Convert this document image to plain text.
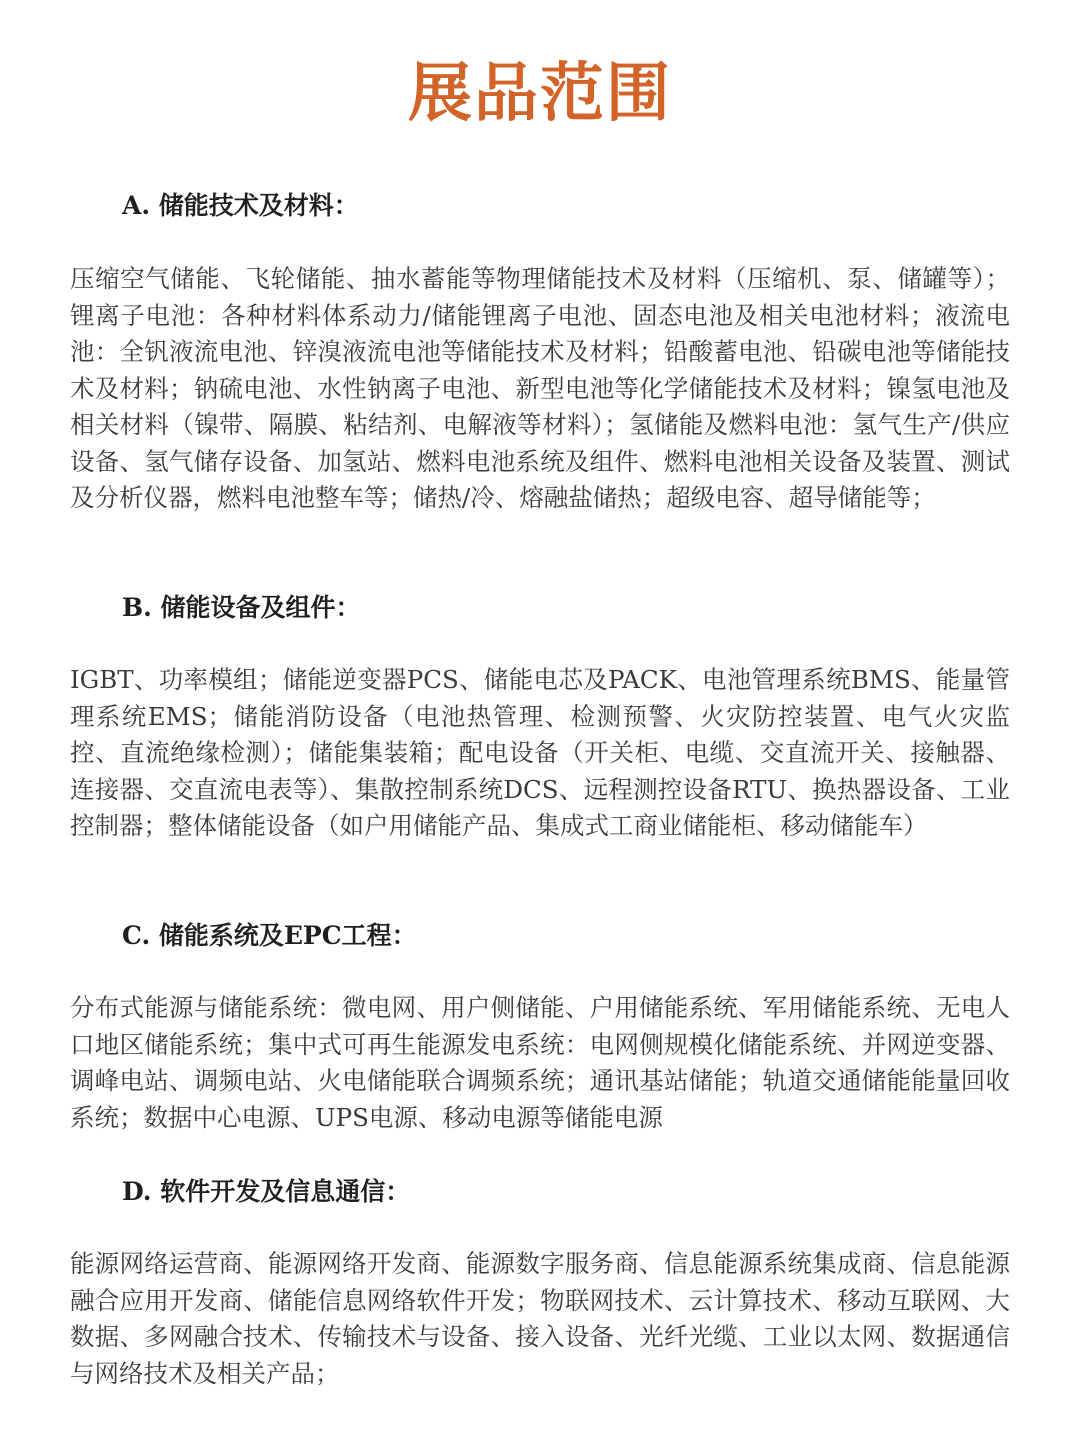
展品范围
A. 储能技术及材料：

压缩空气储能、飞轮储能、抽水蓄能等物理储能技术及材料（压缩机、泵、储罐等）；锂离子电池：各种材料体系动力/储能锂离子电池、固态电池及相关电池材料；液流电池：全钒液流电池、锌溴液流电池等储能技术及材料；铅酸蓄电池、铅碳电池等储能技术及材料；钠硫电池、水性钠离子电池、新型电池等化学储能技术及材料；镍氢电池及相关材料（镍带、隔膜、粘结剂、电解液等材料）；氢储能及燃料电池：氢气生产/供应设备、氢气储存设备、加氢站、燃料电池系统及组件、燃料电池相关设备及装置、测试及分析仪器，燃料电池整车等；储热/冷、熔融盐储热；超级电容、超导储能等；

B. 储能设备及组件：

IGBT、功率模组；储能逆变器PCS、储能电芯及PACK、电池管理系统BMS、能量管理系统EMS；储能消防设备（电池热管理、检测预警、火灾防控装置、电气火灾监控、直流绝缘检测）；储能集装箱；配电设备（开关柜、电缆、交直流开关、接触器、连接器、交直流电表等）、集散控制系统DCS、远程测控设备RTU、换热器设备、工业控制器；整体储能设备（如户用储能产品、集成式工商业储能柜、移动储能车）

C. 储能系统及EPC工程：

分布式能源与储能系统：微电网、用户侧储能、户用储能系统、军用储能系统、无电人口地区储能系统；集中式可再生能源发电系统：电网侧规模化储能系统、并网逆变器、调峰电站、调频电站、火电储能联合调频系统；通讯基站储能；轨道交通储能能量回收系统；数据中心电源、UPS电源、移动电源等储能电源

D. 软件开发及信息通信：

能源网络运营商、能源网络开发商、能源数字服务商、信息能源系统集成商、信息能源融合应用开发商、储能信息网络软件开发；物联网技术、云计算技术、移动互联网、大数据、多网融合技术、传输技术与设备、接入设备、光纤光缆、工业以太网、数据通信与网络技术及相关产品；
